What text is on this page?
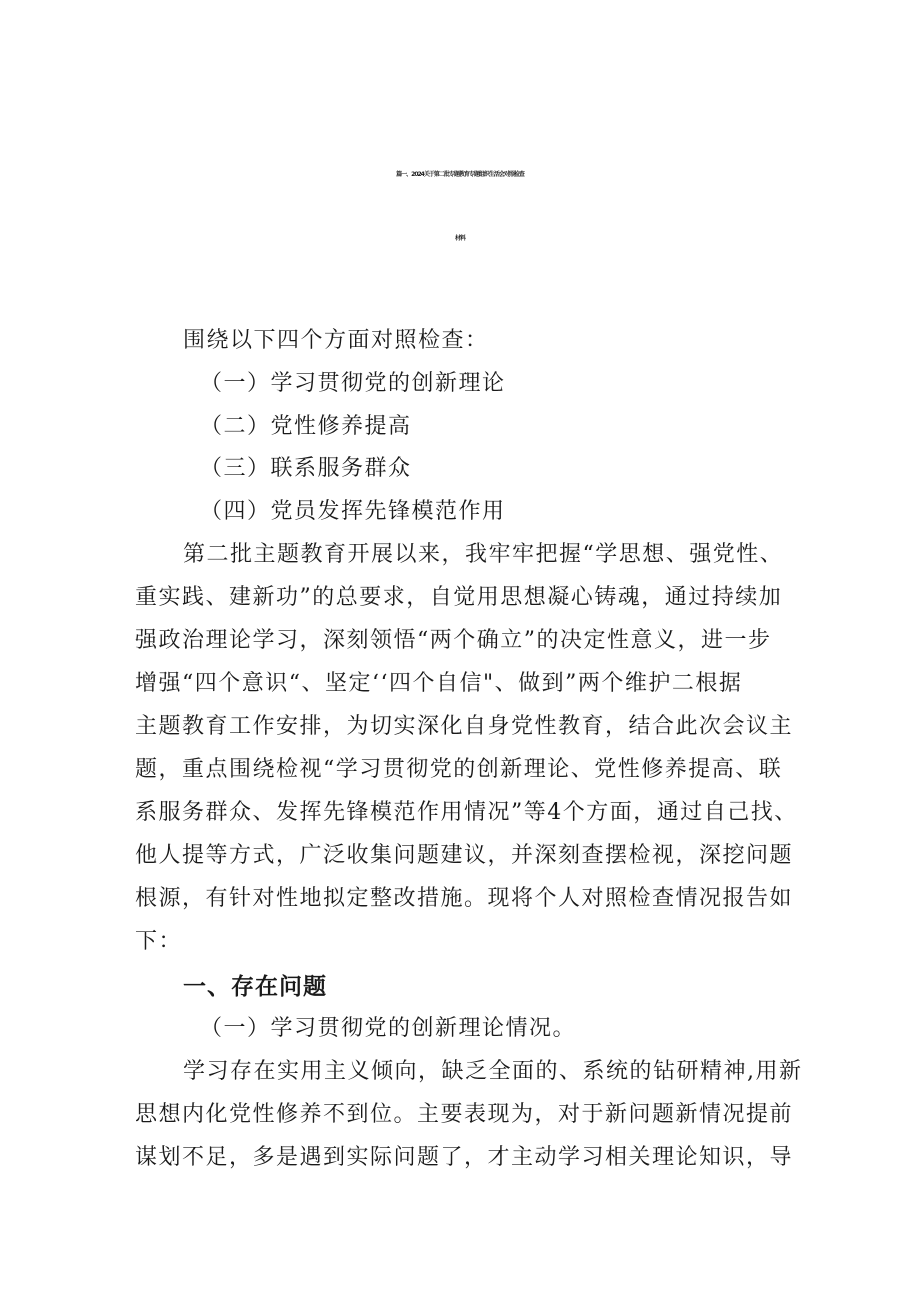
篇一、2024关于第二批专题教育专题组织生活会对照检查
材料
围绕以下四个方面对照检查：
（一）学习贯彻党的创新理论
（二）党性修养提高
（三）联系服务群众
（四）党员发挥先锋模范作用
第二批主题教育开展以来，我牢牢把握“学思想、强党性、
重实践、建新功”的总要求，自觉用思想凝心铸魂，通过持续加
强政治理论学习，深刻领悟“两个确立”的决定性意义，进一步
增强“四个意识“、坚定‘‘四个自信"、做到”两个维护二根据
主题教育工作安排，为切实深化自身党性教育，结合此次会议主
题，重点围绕检视“学习贯彻党的创新理论、党性修养提高、联
系服务群众、发挥先锋模范作用情况”等4个方面，通过自己找、
他人提等方式，广泛收集问题建议，并深刻查摆检视，深挖问题
根源，有针对性地拟定整改措施。现将个人对照检查情况报告如
下：
一、存在问题
（一）学习贯彻党的创新理论情况。
学习存在实用主义倾向，缺乏全面的、系统的钻研精神,用新
思想内化党性修养不到位。主要表现为，对于新问题新情况提前
谋划不足，多是遇到实际问题了，才主动学习相关理论知识，导
